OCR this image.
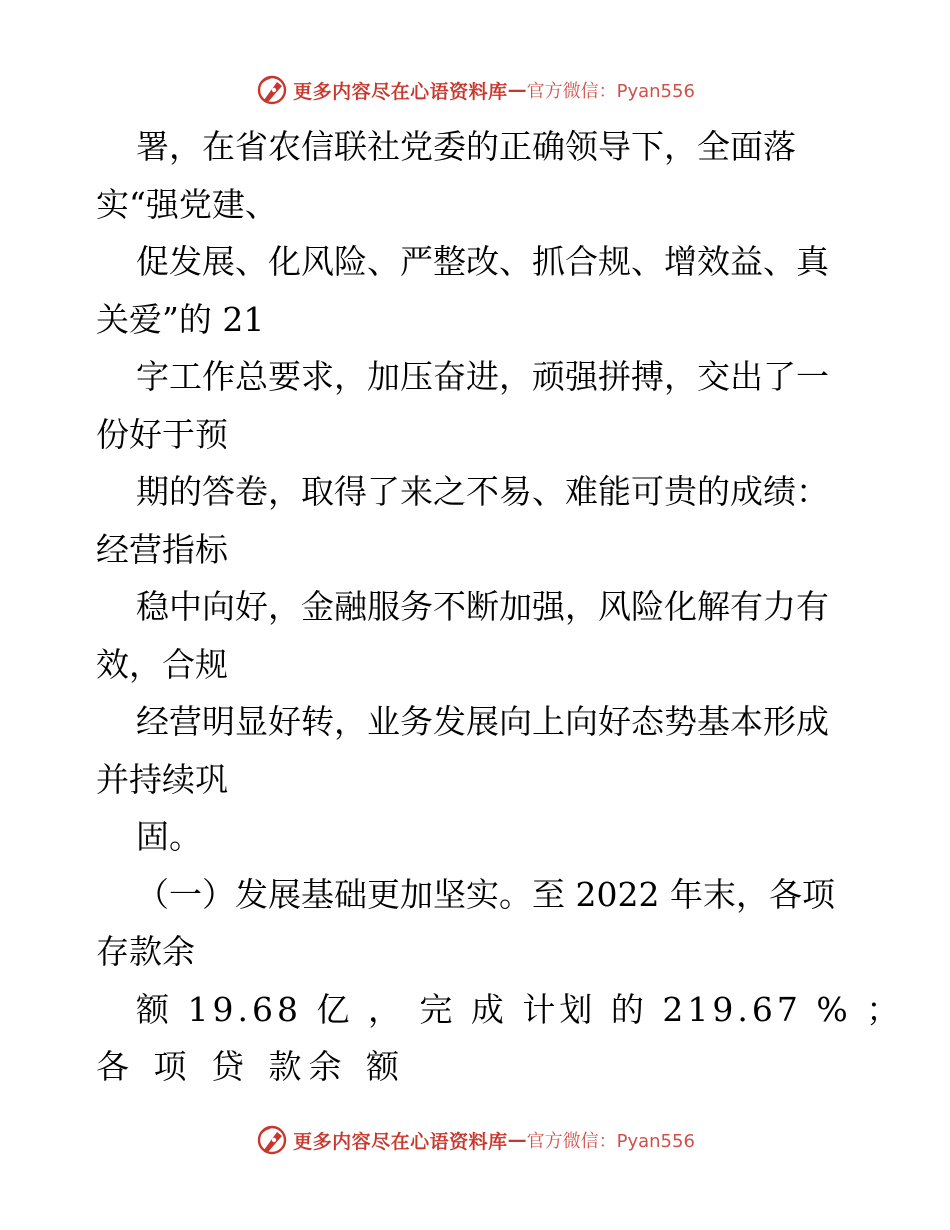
更多内容尽在心语资料库 — 官方微信：Pyan556
署，在省农信联社党委的正确领导下，全面落
实“强党建、
促发展、化风险、严整改、抓合规、增效益、真
关爱”的 21
字工作总要求，加压奋进，顽强拼搏，交出了一
份好于预
期的答卷，取得了来之不易、难能可贵的成绩：
经营指标
稳中向好，金融服务不断加强，风险化解有力有
效，合规
经营明显好转，业务发展向上向好态势基本形成
并持续巩
固。
（一）发展基础更加坚实。至 2022 年末，各项
存款余
额 19.68 亿 ， 完 成 计划 的 219.67 % ；
各 项 贷 款余 额
更多内容尽在心语资料库 — 官方微信：Pyan556
